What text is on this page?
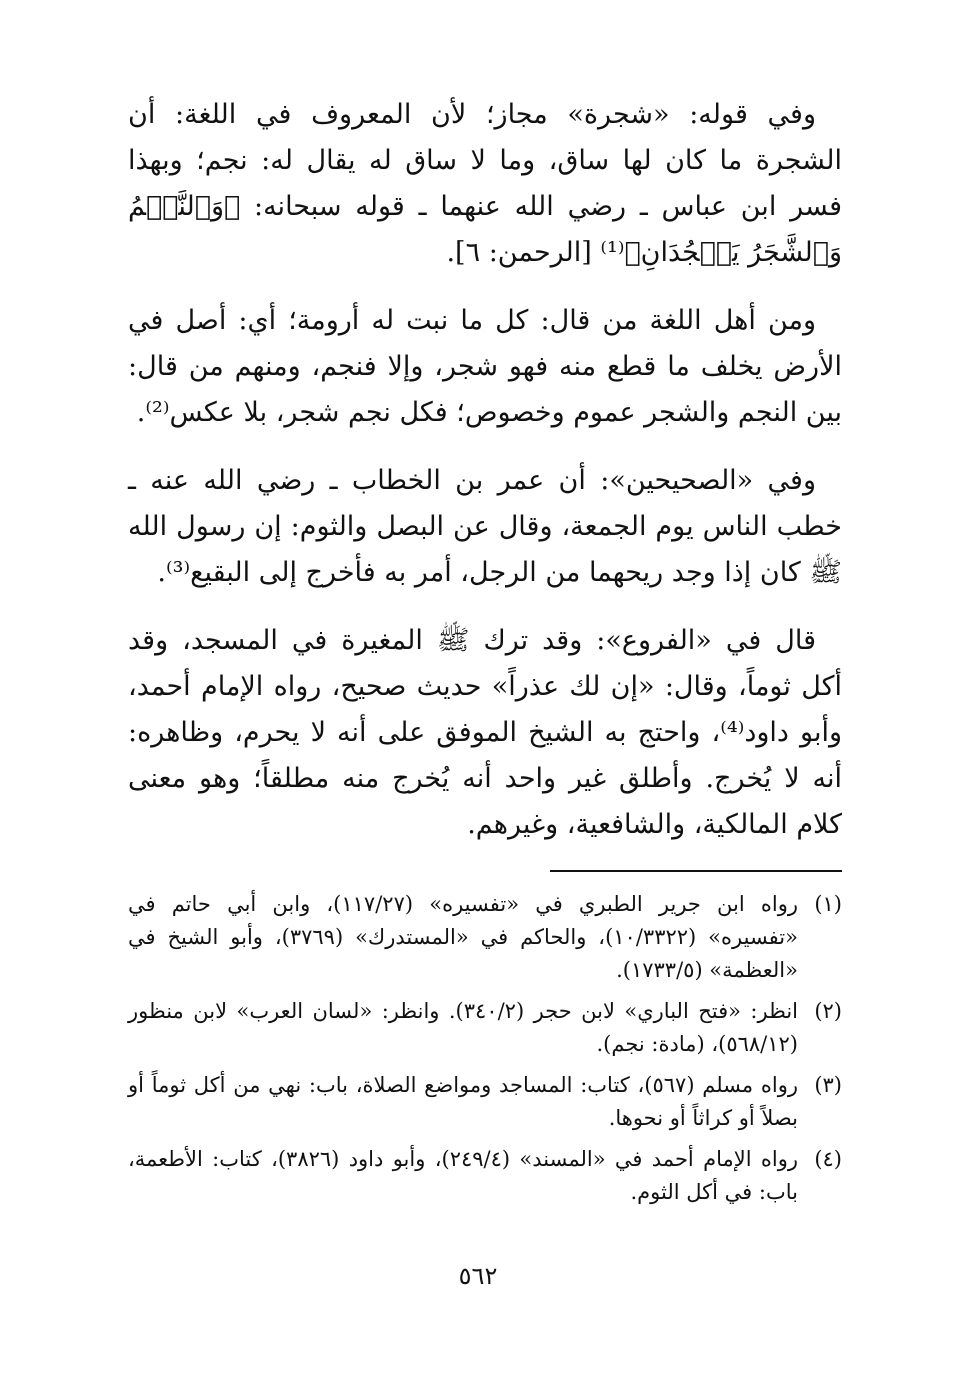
وفي قوله: «شجرة» مجاز؛ لأن المعروف في اللغة: أن الشجرة ما كان لها ساق، وما لا ساق له يقال له: نجم؛ وبهذا فسر ابن عباس ـ رضي الله عنهما ـ قوله سبحانه: ﴿وَٱلنَّجۡمُ وَٱلشَّجَرُ يَسۡجُدَانِ﴾⁽¹⁾ [الرحمن: ٦].

ومن أهل اللغة من قال: كل ما نبت له أرومة؛ أي: أصل في الأرض يخلف ما قطع منه فهو شجر، وإلا فنجم، ومنهم من قال: بين النجم والشجر عموم وخصوص؛ فكل نجم شجر، بلا عكس⁽²⁾.

وفي «الصحيحين»: أن عمر بن الخطاب ـ رضي الله عنه ـ خطب الناس يوم الجمعة، وقال عن البصل والثوم: إن رسول الله ﷺ كان إذا وجد ريحهما من الرجل، أمر به فأخرج إلى البقيع⁽³⁾.

قال في «الفروع»: وقد ترك ﷺ المغيرة في المسجد، وقد أكل ثوماً، وقال: «إن لك عذراً» حديث صحيح، رواه الإمام أحمد، وأبو داود⁽⁴⁾، واحتج به الشيخ الموفق على أنه لا يحرم، وظاهره: أنه لا يُخرج. وأطلق غير واحد أنه يُخرج منه مطلقاً؛ وهو معنى كلام المالكية، والشافعية، وغيرهم.

(١)
رواه ابن جرير الطبري في «تفسيره» (١١٧/٢٧)، وابن أبي حاتم في «تفسيره» (١٠/٣٣٢٢)، والحاكم في «المستدرك» (٣٧٦٩)، وأبو الشيخ في «العظمة» (١٧٣٣/٥).
(٢)
انظر: «فتح الباري» لابن حجر (٣٤٠/٢). وانظر: «لسان العرب» لابن منظور (٥٦٨/١٢)، (مادة: نجم).
(٣)
رواه مسلم (٥٦٧)، كتاب: المساجد ومواضع الصلاة، باب: نهي من أكل ثوماً أو بصلاً أو كراثاً أو نحوها.
(٤)
رواه الإمام أحمد في «المسند» (٢٤٩/٤)، وأبو داود (٣٨٢٦)، كتاب: الأطعمة، باب: في أكل الثوم.
٥٦٢
